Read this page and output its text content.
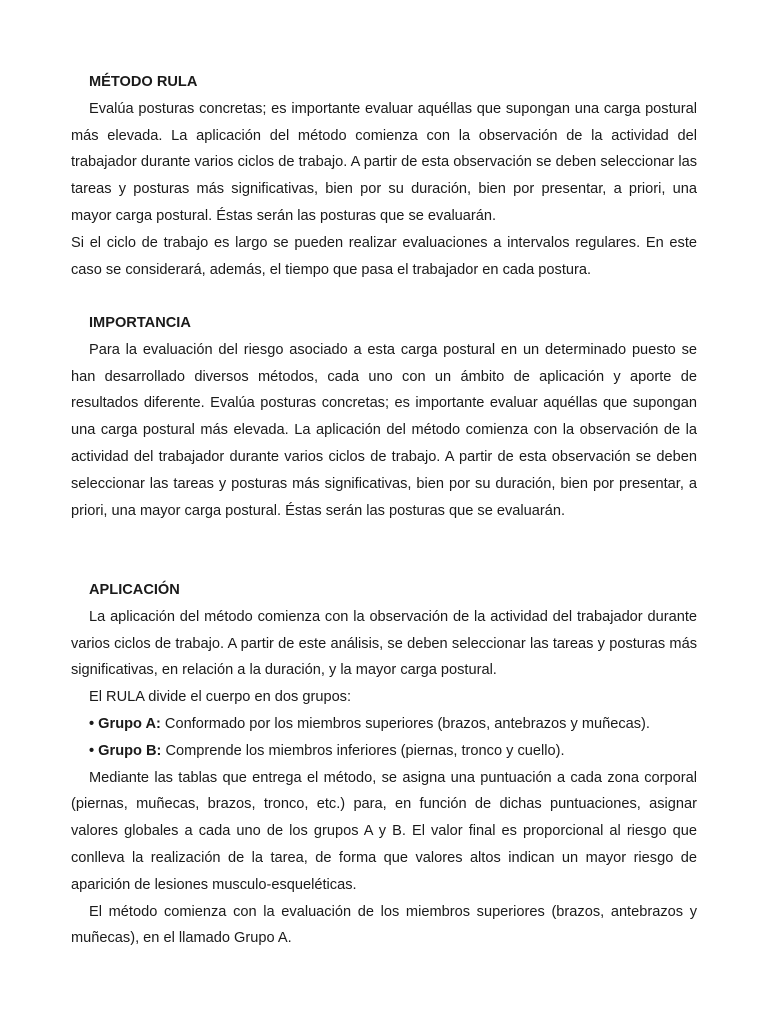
MÉTODO RULA

Evalúa posturas concretas; es importante evaluar aquéllas que supongan una carga postural más elevada. La aplicación del método comienza con la observación de la actividad del trabajador durante varios ciclos de trabajo. A partir de esta observación se deben seleccionar las tareas y posturas más significativas, bien por su duración, bien por presentar, a priori, una mayor carga postural. Éstas serán las posturas que se evaluarán.

Si el ciclo de trabajo es largo se pueden realizar evaluaciones a intervalos regulares. En este caso se considerará, además, el tiempo que pasa el trabajador en cada postura.

IMPORTANCIA

Para la evaluación del riesgo asociado a esta carga postural en un determinado puesto se han desarrollado diversos métodos, cada uno con un ámbito de aplicación y aporte de resultados diferente. Evalúa posturas concretas; es importante evaluar aquéllas que supongan una carga postural más elevada. La aplicación del método comienza con la observación de la actividad del trabajador durante varios ciclos de trabajo. A partir de esta observación se deben seleccionar las tareas y posturas más significativas, bien por su duración, bien por presentar, a priori, una mayor carga postural. Éstas serán las posturas que se evaluarán.

APLICACIÓN

La aplicación del método comienza con la observación de la actividad del trabajador durante varios ciclos de trabajo. A partir de este análisis, se deben seleccionar las tareas y posturas más significativas, en relación a la duración, y la mayor carga postural.

El RULA divide el cuerpo en dos grupos:

• Grupo A: Conformado por los miembros superiores (brazos, antebrazos y muñecas).

• Grupo B: Comprende los miembros inferiores (piernas, tronco y cuello).

Mediante las tablas que entrega el método, se asigna una puntuación a cada zona corporal (piernas, muñecas, brazos, tronco, etc.) para, en función de dichas puntuaciones, asignar valores globales a cada uno de los grupos A y B. El valor final es proporcional al riesgo que conlleva la realización de la tarea, de forma que valores altos indican un mayor riesgo de aparición de lesiones musculo-esqueléticas.

El método comienza con la evaluación de los miembros superiores (brazos, antebrazos y muñecas), en el llamado Grupo A.
